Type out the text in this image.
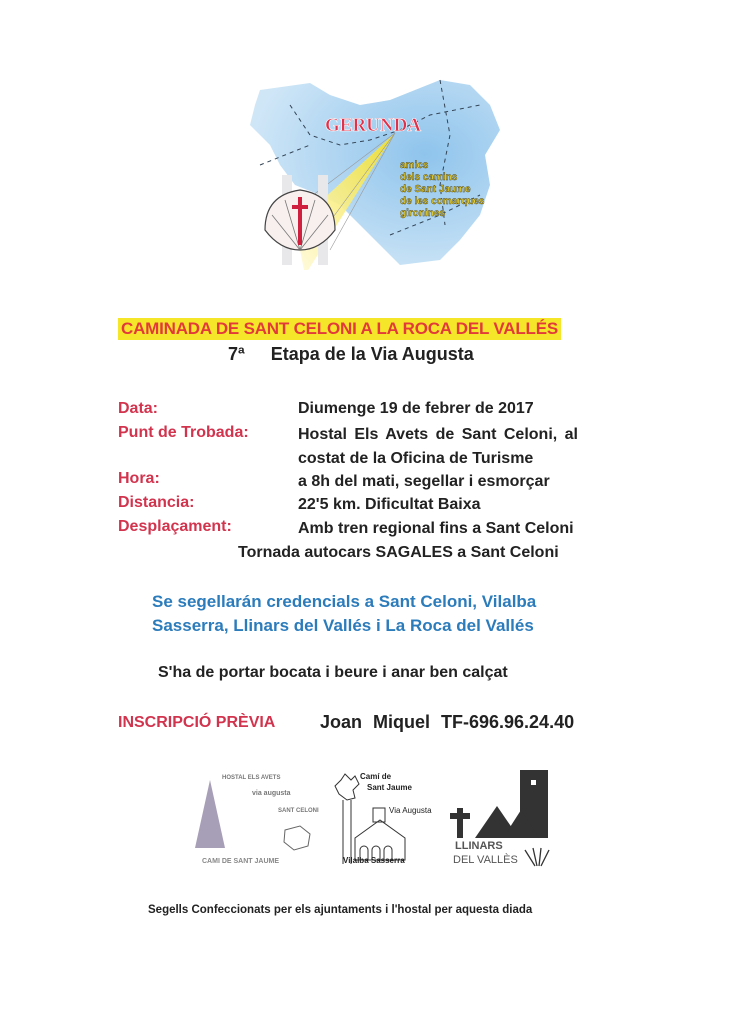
GERUNDA
amics
dels camins
de Sant Jaume
de les comarques
gironines
CAMINADA DE SANT CELONI A LA ROCA DEL VALLÉS
7ª Etapa de la Via Augusta
Data:	Diumenge 19 de febrer de 2017
Punt de Trobada:	Hostal Els Avets de Sant Celoni, al
costat de la Oficina de Turisme
Hora:	a 8h del mati, segellar i esmorçar
Distancia:	22'5 km. Dificultat Baixa
Desplaçament:	Amb tren regional fins a Sant Celoni
Tornada autocars SAGALES a Sant Celoni
Se segellarán credencials a Sant Celoni, Vilalba
Sasserra, Llinars del Vallés i La Roca del Vallés
S'ha de portar bocata i beure i anar ben calçat
INSCRIPCIÓ PRÈVIA Joan Miquel TF-696.96.24.40
HOSTAL ELS AVETS
via augusta
SANT CELONI
CAMI DE SANT JAUME
Camí de
Sant Jaume
Via Augusta
Vilalba Sasserra
LLINARS
DEL VALLÈS
Segells Confeccionats per els ajuntaments i l'hostal per aquesta diada
